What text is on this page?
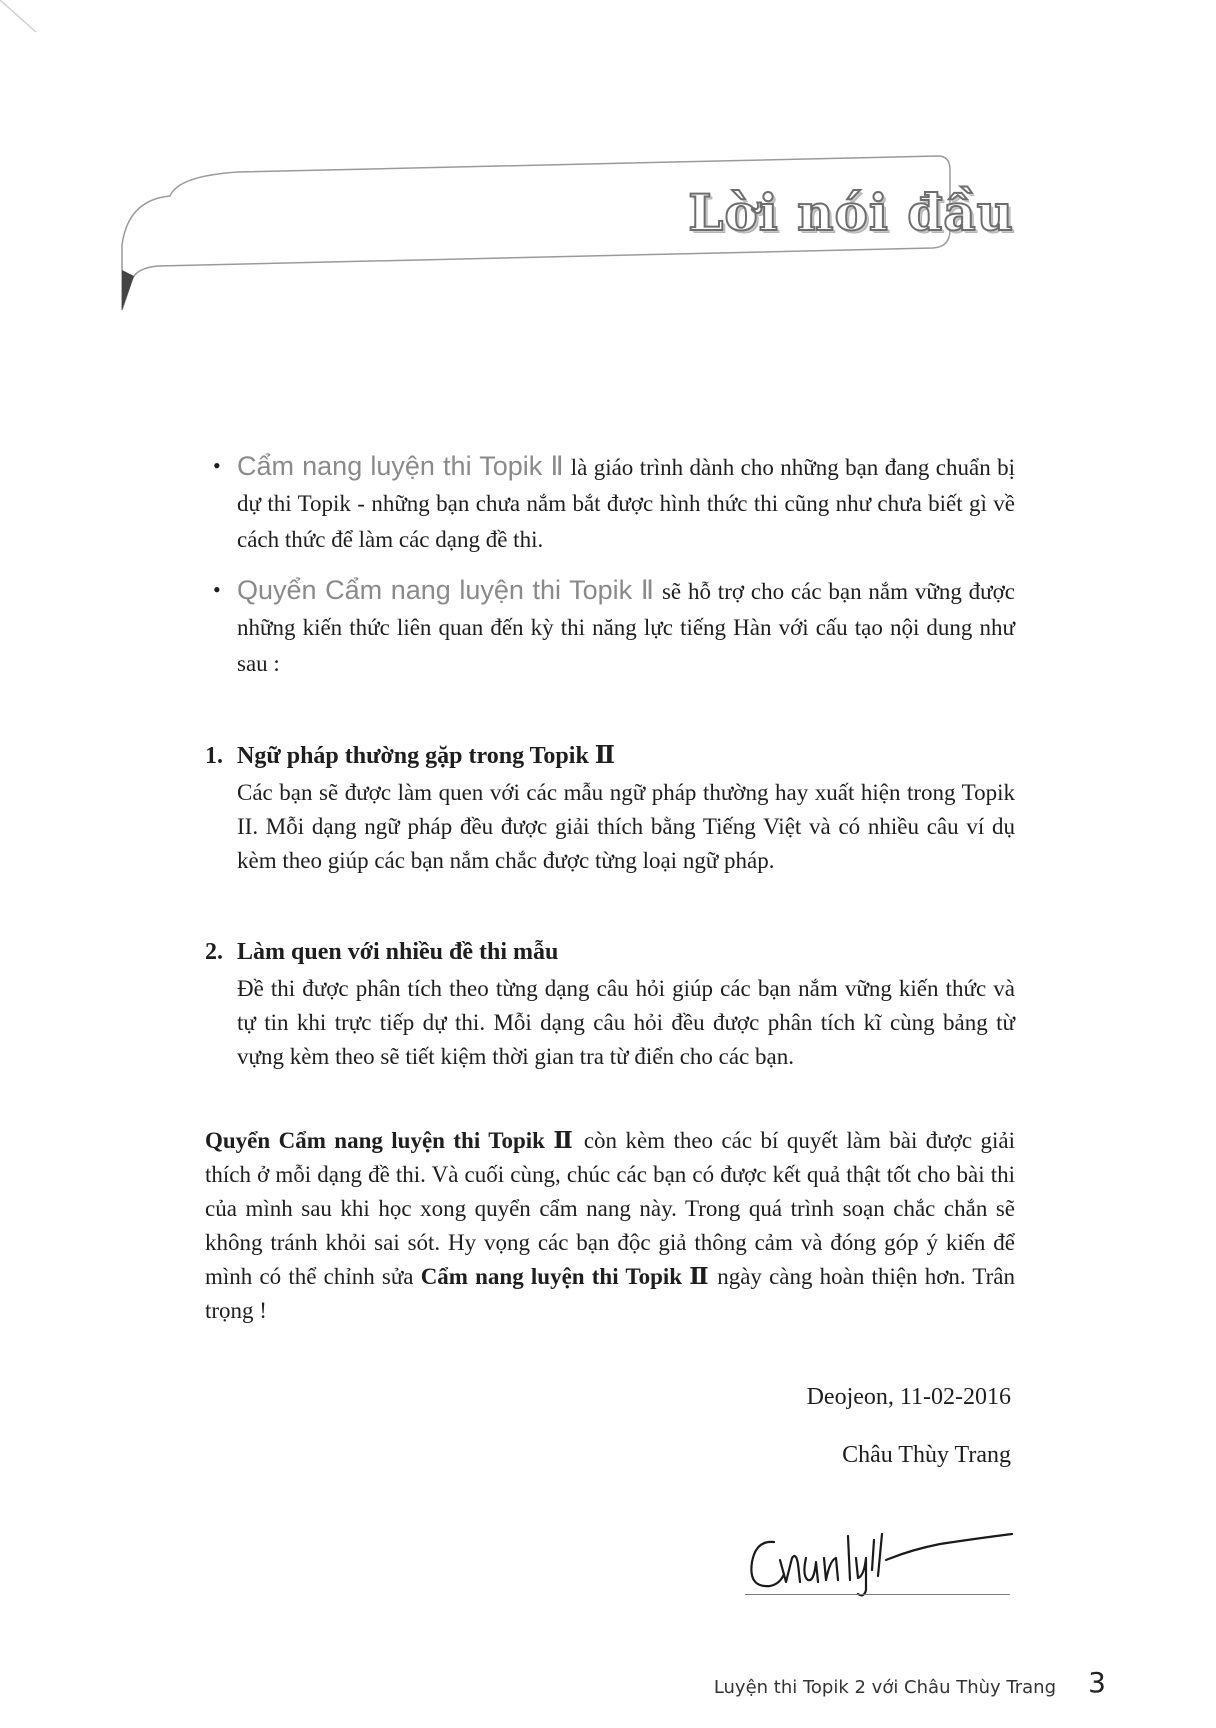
Lời nói đầu
• Cẩm nang luyện thi Topik Ⅱ là giáo trình dành cho những bạn đang chuẩn bị dự thi Topik - những bạn chưa nắm bắt được hình thức thi cũng như chưa biết gì về cách thức để làm các dạng đề thi.
• Quyển Cẩm nang luyện thi Topik Ⅱ sẽ hỗ trợ cho các bạn nắm vững được những kiến thức liên quan đến kỳ thi năng lực tiếng Hàn với cấu tạo nội dung như sau :
1. Ngữ pháp thường gặp trong Topik Ⅱ
Các bạn sẽ được làm quen với các mẫu ngữ pháp thường hay xuất hiện trong Topik II. Mỗi dạng ngữ pháp đều được giải thích bằng Tiếng Việt và có nhiều câu ví dụ kèm theo giúp các bạn nắm chắc được từng loại ngữ pháp.
2. Làm quen với nhiều đề thi mẫu
Đề thi được phân tích theo từng dạng câu hỏi giúp các bạn nắm vững kiến thức và tự tin khi trực tiếp dự thi. Mỗi dạng câu hỏi đều được phân tích kĩ cùng bảng từ vựng kèm theo sẽ tiết kiệm thời gian tra từ điển cho các bạn.
Quyển Cẩm nang luyện thi Topik Ⅱ còn kèm theo các bí quyết làm bài được giải thích ở mỗi dạng đề thi. Và cuối cùng, chúc các bạn có được kết quả thật tốt cho bài thi của mình sau khi học xong quyển cẩm nang này. Trong quá trình soạn chắc chắn sẽ không tránh khỏi sai sót. Hy vọng các bạn độc giả thông cảm và đóng góp ý kiến để mình có thể chỉnh sửa Cẩm nang luyện thi Topik Ⅱ ngày càng hoàn thiện hơn. Trân trọng !
Deojeon, 11-02-2016
Châu Thùy Trang
Luyện thi Topik 2 với Châu Thùy Trang 3
